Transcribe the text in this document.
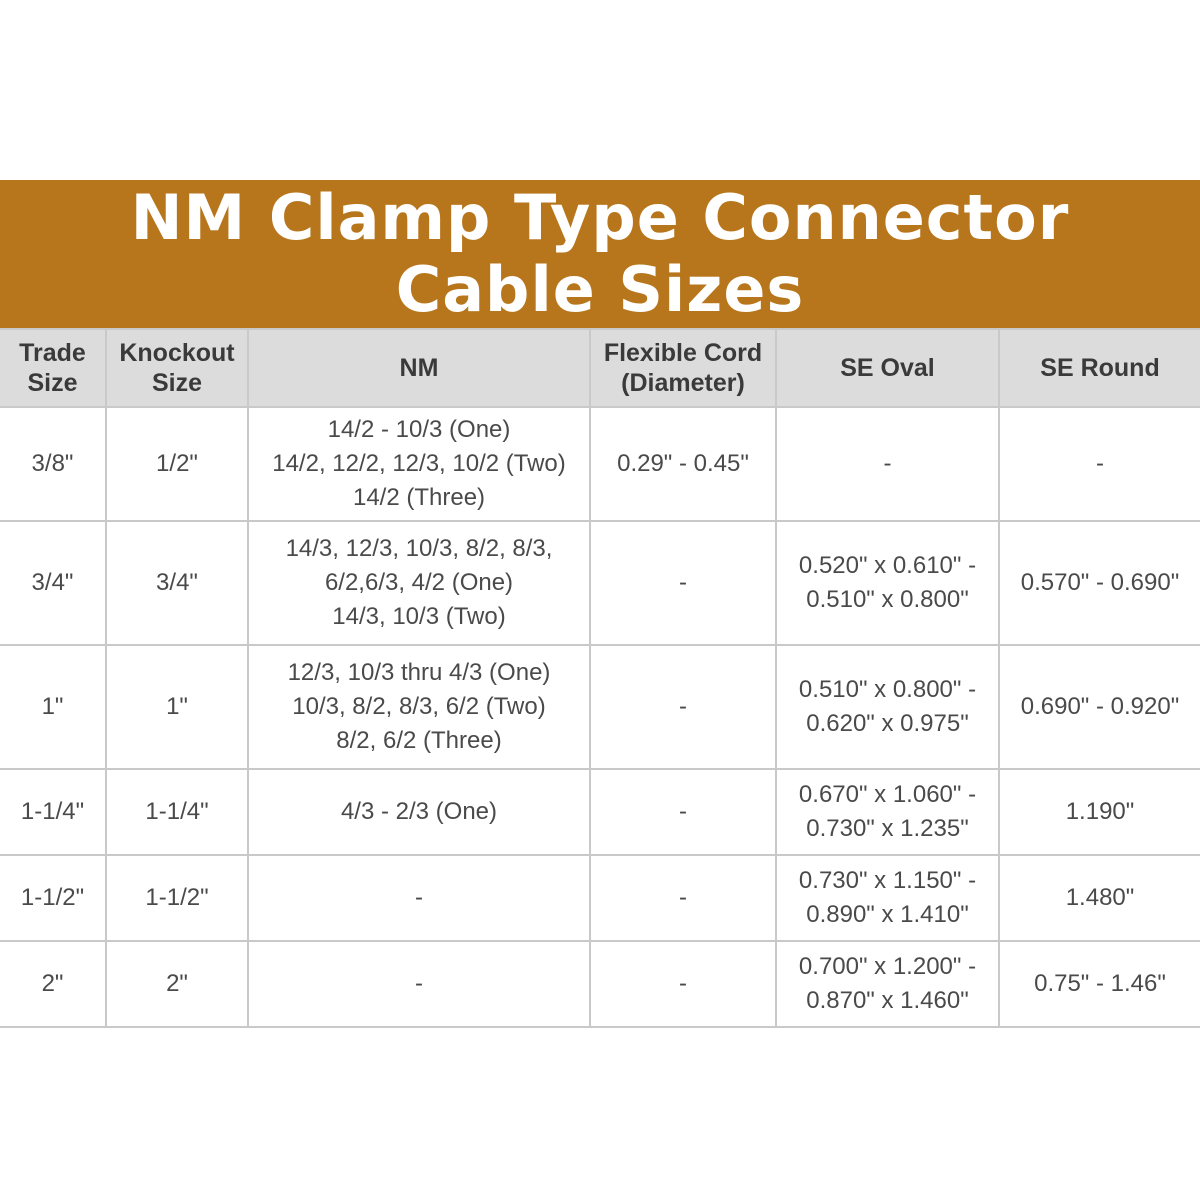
NM Clamp Type Connector
Cable Sizes
Trade
Size	Knockout
Size	NM	Flexible Cord
(Diameter)	SE Oval	SE Round

3/8"	1/2"	14/2 - 10/3 (One)
14/2, 12/2, 12/3, 10/2 (Two)
14/2 (Three)	0.29" - 0.45"	-	-
3/4"	3/4"	14/3, 12/3, 10/3, 8/2, 8/3,
6/2,6/3, 4/2 (One)
14/3, 10/3 (Two)	-	0.520" x 0.610" -
0.510" x 0.800"	0.570" - 0.690"
1"	1"	12/3, 10/3 thru 4/3 (One)
10/3, 8/2, 8/3, 6/2 (Two)
8/2, 6/2 (Three)	-	0.510" x 0.800" -
0.620" x 0.975"	0.690" - 0.920"
1-1/4"	1-1/4"	4/3 - 2/3 (One)	-	0.670" x 1.060" -
0.730" x 1.235"	1.190"
1-1/2"	1-1/2"	-	-	0.730" x 1.150" -
0.890" x 1.410"	1.480"
2"	2"	-	-	0.700" x 1.200" -
0.870" x 1.460"	0.75" - 1.46"
